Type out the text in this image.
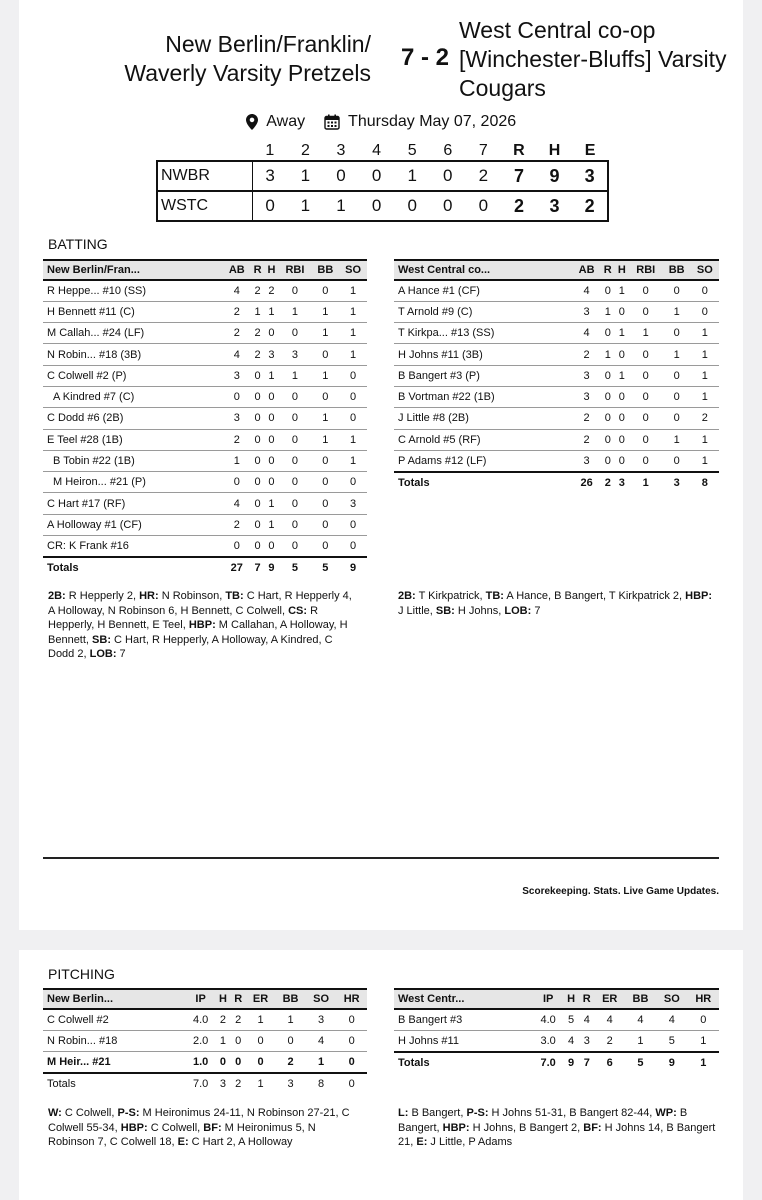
New Berlin/Franklin/ Waverly Varsity Pretzels
7 - 2
West Central co-op [Winchester-Bluffs] Varsity Cougars
Away	Thursday May 07, 2026
	1	2	3	4	5	6	7	R	H	E
NWBR	3	1	0	0	1	0	2	7	9	3
WSTC	0	1	1	0	0	0	0	2	3	2
BATTING
New Berlin/Fran...	AB	R	H	RBI	BB	SO
R Heppe... #10 (SS)	4	2	2	0	0	1
H Bennett #11 (C)	2	1	1	1	1	1
M Callah... #24 (LF)	2	2	0	0	1	1
N Robin... #18 (3B)	4	2	3	3	0	1
C Colwell #2 (P)	3	0	1	1	1	0
A Kindred #7 (C)	0	0	0	0	0	0
C Dodd #6 (2B)	3	0	0	0	1	0
E Teel #28 (1B)	2	0	0	0	1	1
B Tobin #22 (1B)	1	0	0	0	0	1
M Heiron... #21 (P)	0	0	0	0	0	0
C Hart #17 (RF)	4	0	1	0	0	3
A Holloway #1 (CF)	2	0	1	0	0	0
CR: K Frank #16	0	0	0	0	0	0
Totals	27	7	9	5	5	9
West Central co...	AB	R	H	RBI	BB	SO
A Hance #1 (CF)	4	0	1	0	0	0
T Arnold #9 (C)	3	1	0	0	1	0
T Kirkpa... #13 (SS)	4	0	1	1	0	1
H Johns #11 (3B)	2	1	0	0	1	1
B Bangert #3 (P)	3	0	1	0	0	1
B Vortman #22 (1B)	3	0	0	0	0	1
J Little #8 (2B)	2	0	0	0	0	2
C Arnold #5 (RF)	2	0	0	0	1	1
P Adams #12 (LF)	3	0	0	0	0	1
Totals	26	2	3	1	3	8
2B: R Hepperly 2, HR: N Robinson, TB: C Hart, R Hepperly 4, A Holloway, N Robinson 6, H Bennett, C Colwell, CS: R Hepperly, H Bennett, E Teel, HBP: M Callahan, A Holloway, H Bennett, SB: C Hart, R Hepperly, A Holloway, A Kindred, C Dodd 2, LOB: 7
2B: T Kirkpatrick, TB: A Hance, B Bangert, T Kirkpatrick 2, HBP: J Little, SB: H Johns, LOB: 7
Scorekeeping. Stats. Live Game Updates.
PITCHING
New Berlin...	IP	H	R	ER	BB	SO	HR
C Colwell #2	4.0	2	2	1	1	3	0
N Robin... #18	2.0	1	0	0	0	4	0
M Heir... #21	1.0	0	0	0	2	1	0
Totals	7.0	3	2	1	3	8	0
West Centr...	IP	H	R	ER	BB	SO	HR
B Bangert #3	4.0	5	4	4	4	4	0
H Johns #11	3.0	4	3	2	1	5	1
Totals	7.0	9	7	6	5	9	1
W: C Colwell, P-S: M Heironimus 24-11, N Robinson 27-21, C Colwell 55-34, HBP: C Colwell, BF: M Heironimus 5, N Robinson 7, C Colwell 18, E: C Hart 2, A Holloway
L: B Bangert, P-S: H Johns 51-31, B Bangert 82-44, WP: B Bangert, HBP: H Johns, B Bangert 2, BF: H Johns 14, B Bangert 21, E: J Little, P Adams
